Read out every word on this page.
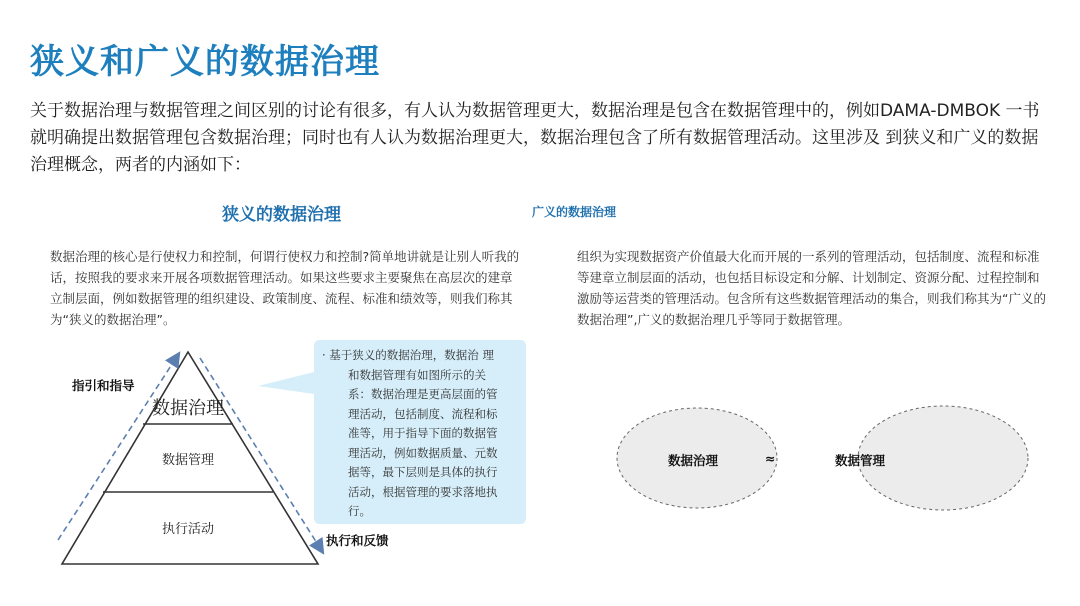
狭义和广义的数据治理
关于数据治理与数据管理之间区别的讨论有很多，有人认为数据管理更大，数据治理是包含在数据管理中的，例如DAMA-DMBOK 一书就明确提出数据管理包含数据治理；同时也有人认为数据治理更大，数据治理包含了所有数据管理活动。这里涉及 到狭义和广义的数据治理概念，两者的内涵如下：
狭义的数据治理	广义的数据治理
数据治理的核心是行使权力和控制，何谓行使权力和控制?简单地讲就是让别人听我的话，按照我的要求来开展各项数据管理活动。如果这些要求主要聚焦在高层次的建章立制层面，例如数据管理的组织建设、政策制度、流程、标准和绩效等，则我们称其为“狭义的数据治理”。
组织为实现数据资产价值最大化而开展的一系列的管理活动，包括制度、流程和标准等建章立制层面的活动，也包括目标设定和分解、计划制定、资源分配、过程控制和激励等运营类的管理活动。包含所有这些数据管理活动的集合，则我们称其为“广义的数据治理”,广义的数据治理几乎等同于数据管理。
指引和指导
执行和反馈
数据治理
数据管理
执行活动
· 基于狭义的数据治理，数据治 理
和数据管理有如图所示的关
系：数据治理是更高层面的管
理活动，包括制度、流程和标
准等，用于指导下面的数据管
理活动，例如数据质量、元数
据等，最下层则是具体的执行
活动，根据管理的要求落地执
行。
数据治理	≈	数据管理
